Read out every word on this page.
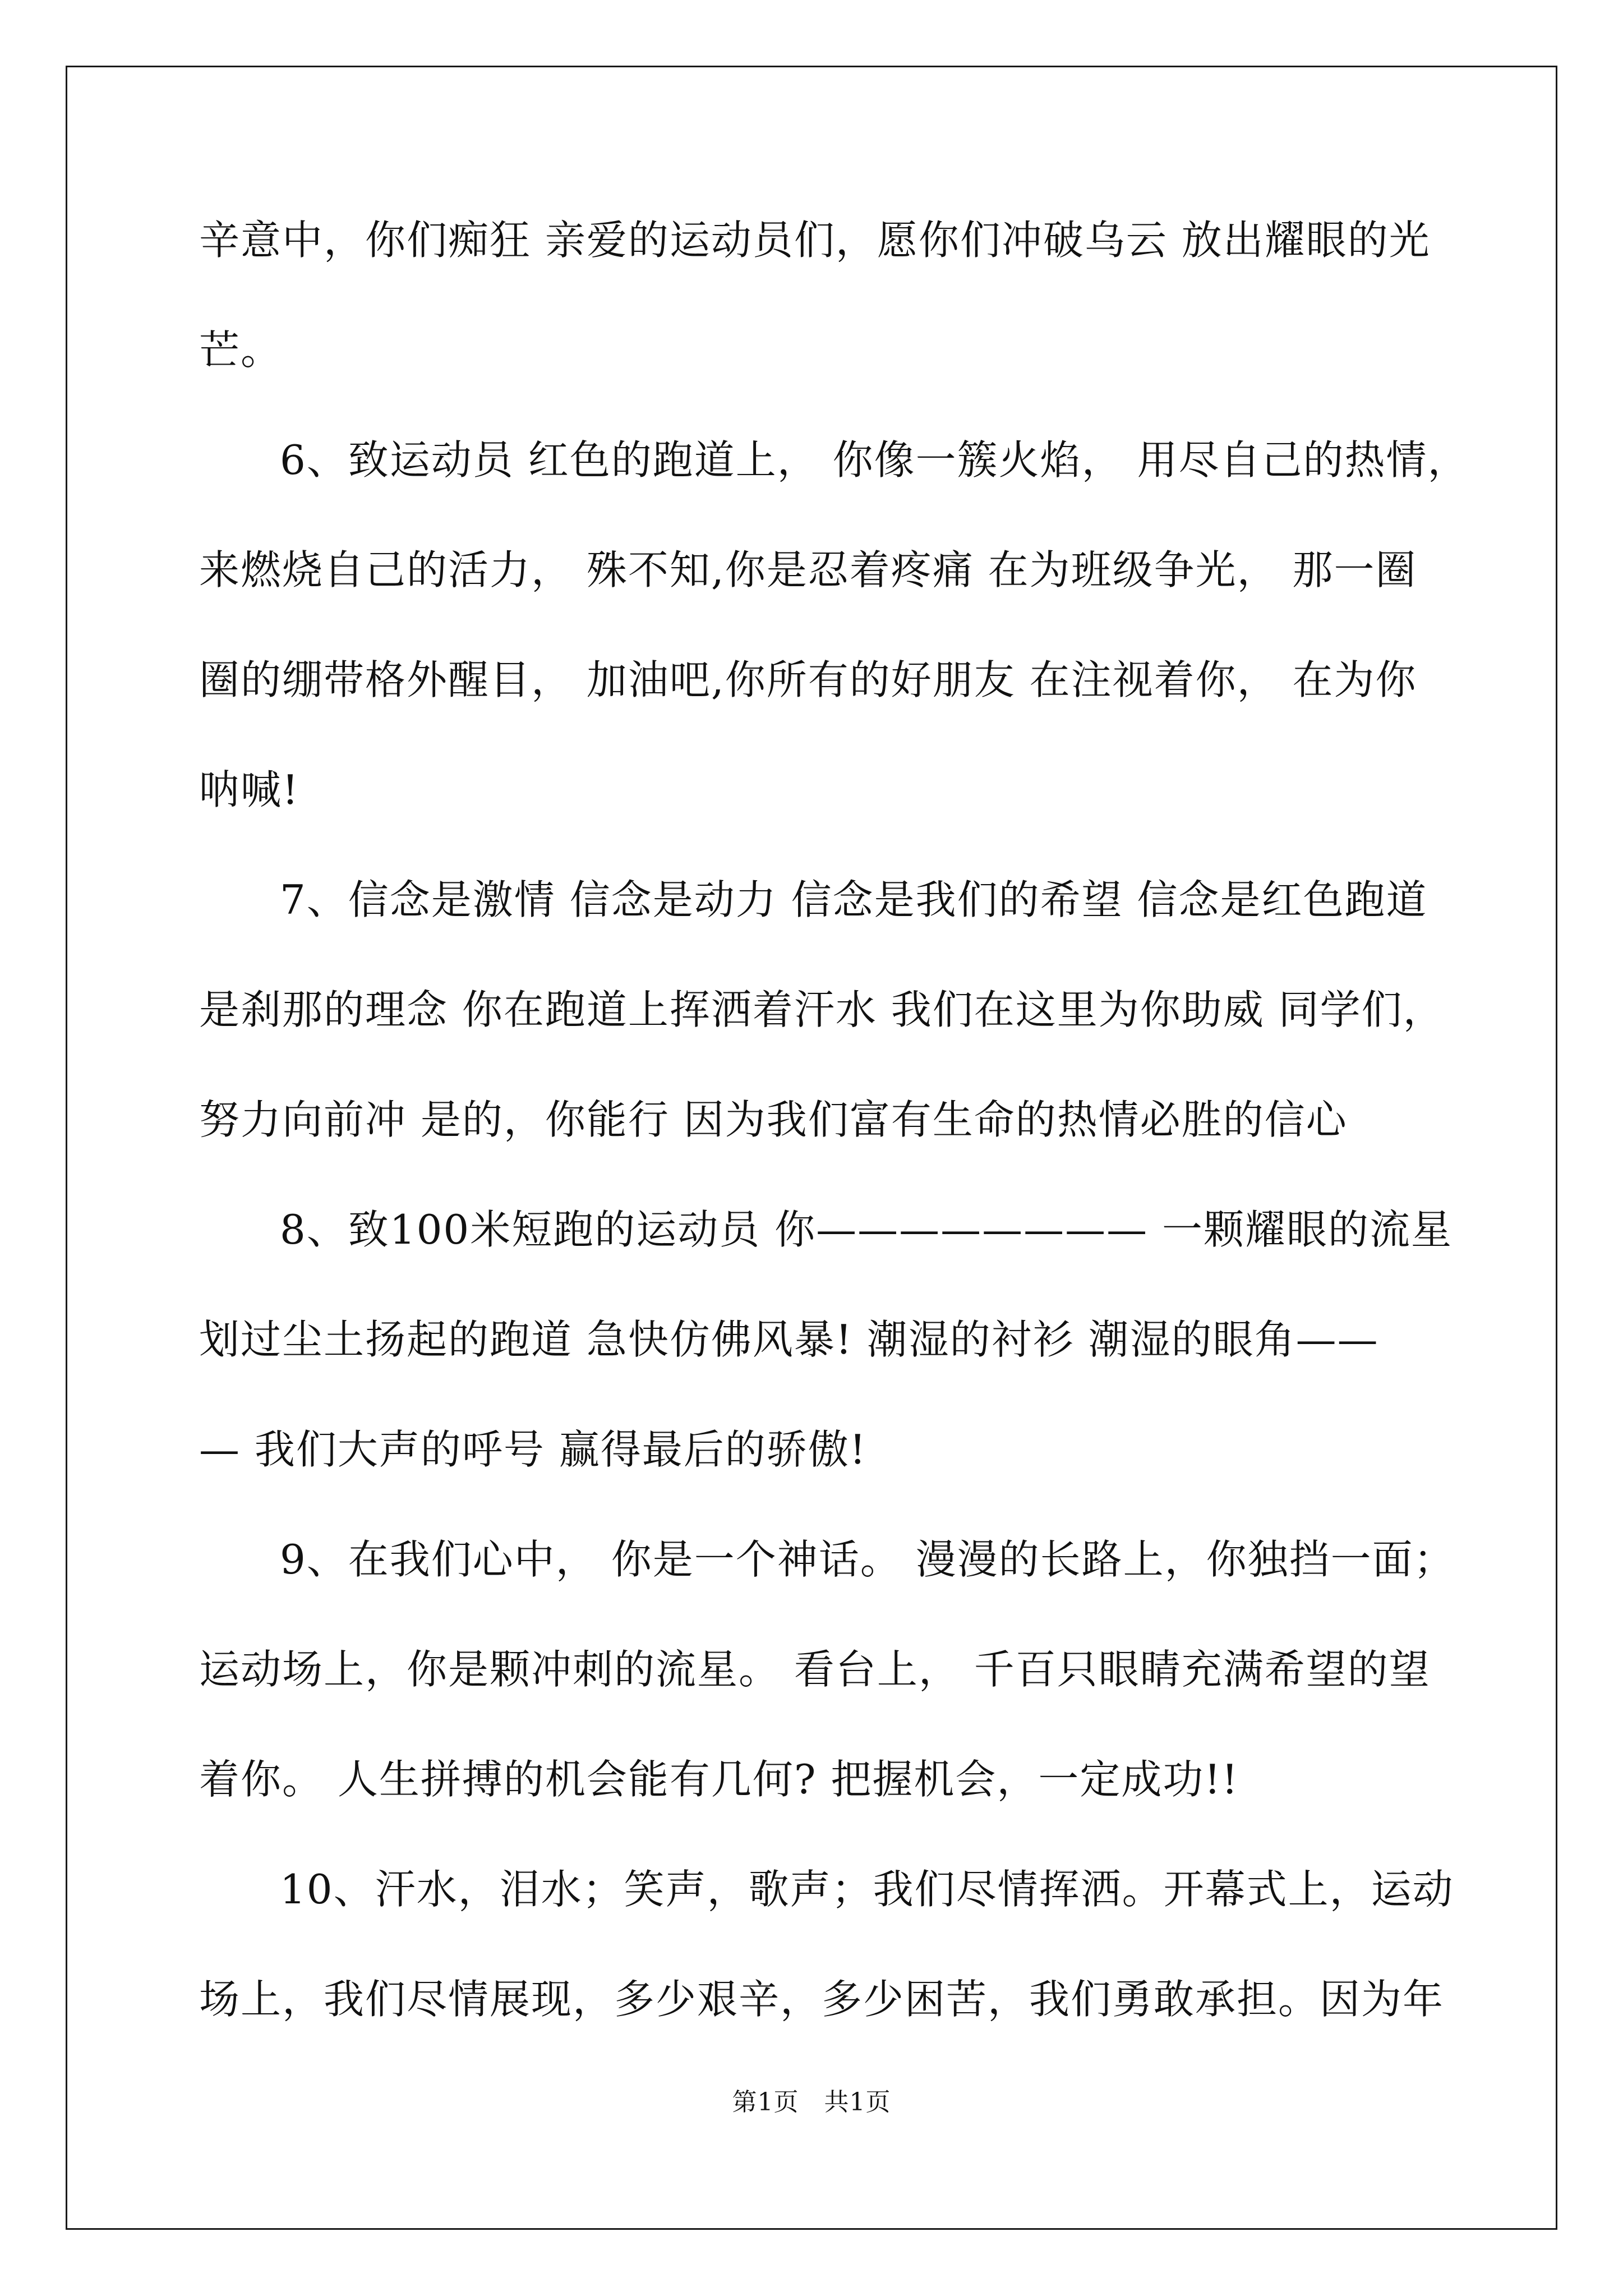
辛意中，你们痴狂 亲爱的运动员们，愿你们冲破乌云 放出耀眼的光
芒。
6、致运动员 红色的跑道上， 你像一簇火焰， 用尽自己的热情，
来燃烧自己的活力， 殊不知,你是忍着疼痛 在为班级争光， 那一圈
圈的绷带格外醒目， 加油吧,你所有的好朋友 在注视着你， 在为你
呐喊!
7、信念是激情 信念是动力 信念是我们的希望 信念是红色跑道
是刹那的理念 你在跑道上挥洒着汗水 我们在这里为你助威 同学们，
努力向前冲 是的，你能行 因为我们富有生命的热情必胜的信心
8、致100米短跑的运动员 你———————— 一颗耀眼的流星
划过尘土扬起的跑道 急快仿佛风暴! 潮湿的衬衫 潮湿的眼角——
— 我们大声的呼号 赢得最后的骄傲!
9、在我们心中， 你是一个神话。 漫漫的长路上，你独挡一面；
运动场上，你是颗冲刺的流星。 看台上， 千百只眼睛充满希望的望
着你。 人生拼搏的机会能有几何? 把握机会，一定成功!!
10、汗水，泪水；笑声，歌声；我们尽情挥洒。开幕式上，运动
场上，我们尽情展现，多少艰辛，多少困苦，我们勇敢承担。因为年
第1页　共1页
